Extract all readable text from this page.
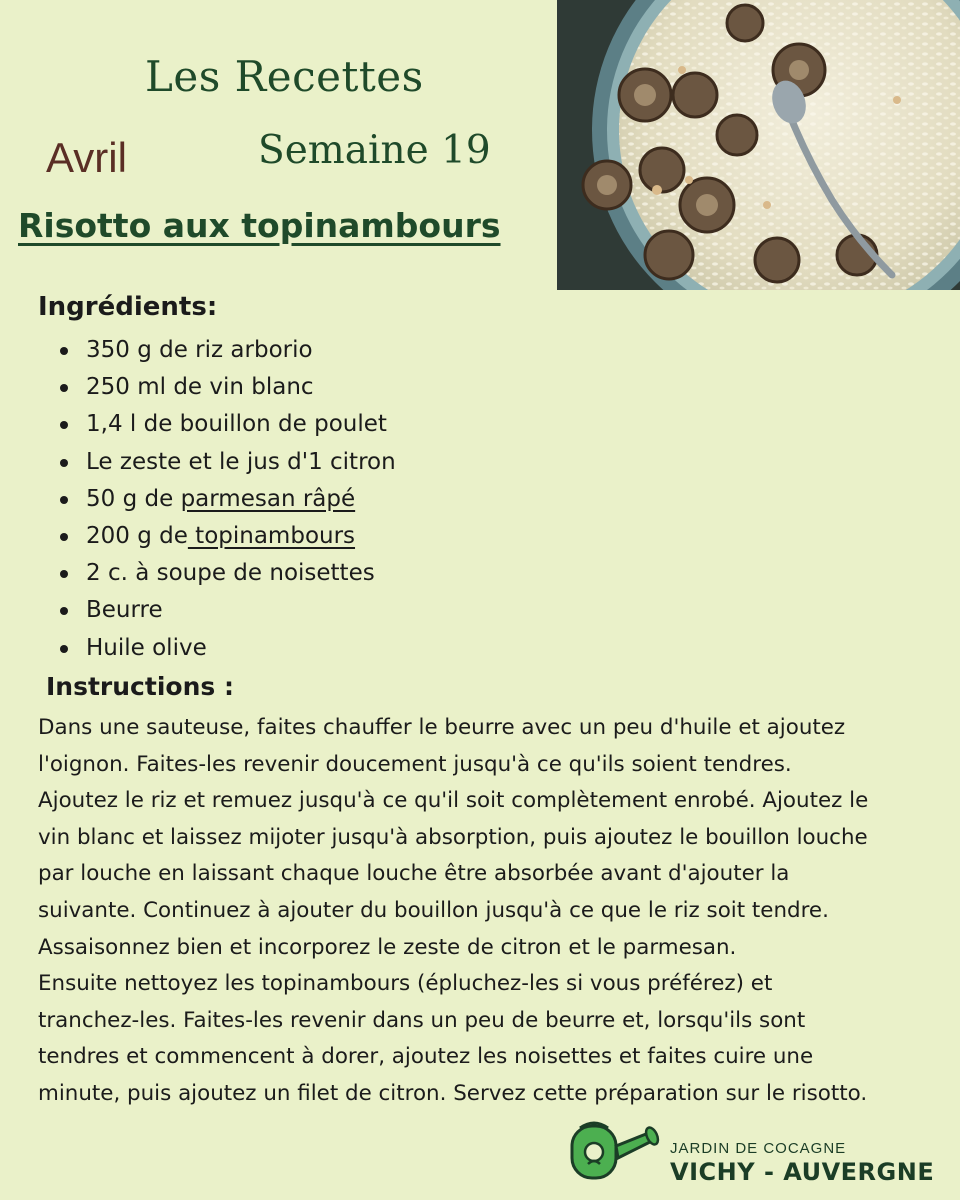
Les Recettes
Avril	Semaine 19
Risotto aux topinambours
Ingrédients:
350 g de riz arborio
250 ml de vin blanc
1,4 l de bouillon de poulet
Le zeste et le jus d'1 citron
50 g de parmesan râpé
200 g de topinambours
2 c. à soupe de noisettes
Beurre
Huile olive
Instructions :
Dans une sauteuse, faites chauffer le beurre avec un peu d'huile et ajoutez
l'oignon. Faites-les revenir doucement jusqu'à ce qu'ils soient tendres.
Ajoutez le riz et remuez jusqu'à ce qu'il soit complètement enrobé. Ajoutez le
vin blanc et laissez mijoter jusqu'à absorption, puis ajoutez le bouillon louche
par louche en laissant chaque louche être absorbée avant d'ajouter la
suivante. Continuez à ajouter du bouillon jusqu'à ce que le riz soit tendre.
Assaisonnez bien et incorporez le zeste de citron et le parmesan.
Ensuite nettoyez les topinambours (épluchez-les si vous préférez) et
tranchez-les. Faites-les revenir dans un peu de beurre et, lorsqu'ils sont
tendres et commencent à dorer, ajoutez les noisettes et faites cuire une
minute, puis ajoutez un filet de citron. Servez cette préparation sur le risotto.
JARDIN DE COCAGNE
VICHY - AUVERGNE
